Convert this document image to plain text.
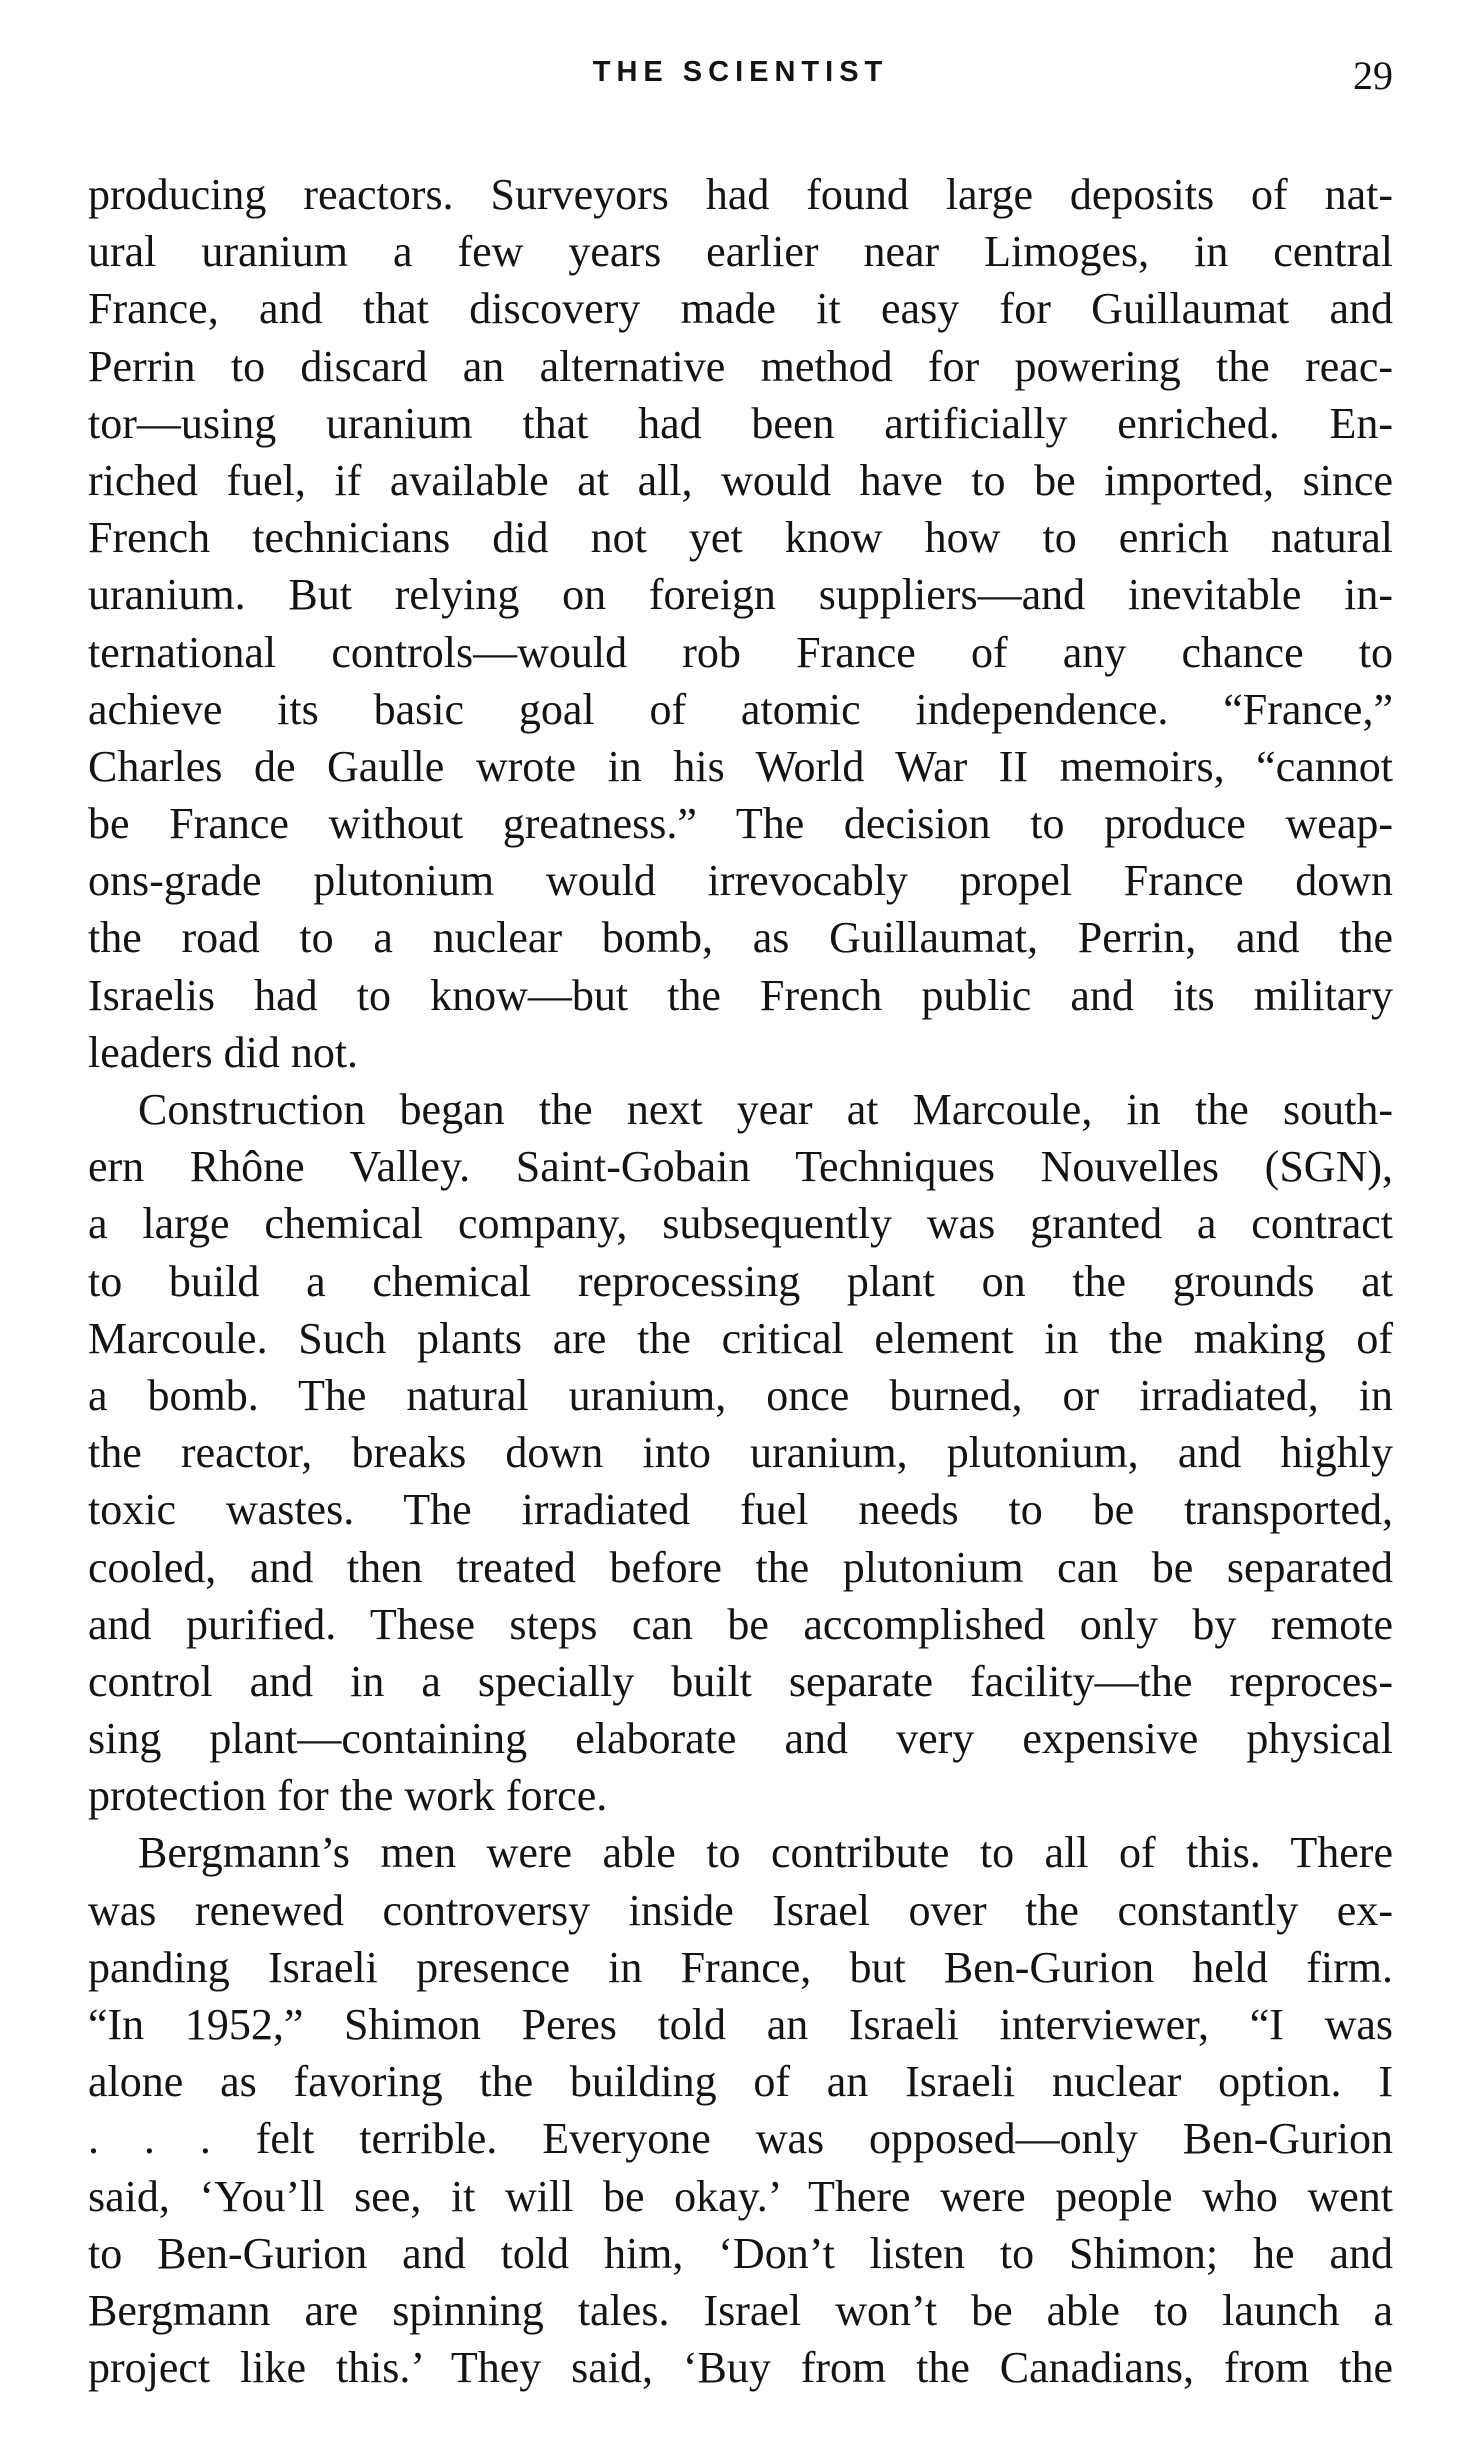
THE SCIENTIST	29
producing reactors. Surveyors had found large deposits of nat-
ural uranium a few years earlier near Limoges, in central
France, and that discovery made it easy for Guillaumat and
Perrin to discard an alternative method for powering the reac-
tor—using uranium that had been artificially enriched. En-
riched fuel, if available at all, would have to be imported, since
French technicians did not yet know how to enrich natural
uranium. But relying on foreign suppliers—and inevitable in-
ternational controls—would rob France of any chance to
achieve its basic goal of atomic independence. “France,”
Charles de Gaulle wrote in his World War II memoirs, “cannot
be France without greatness.” The decision to produce weap-
ons-grade plutonium would irrevocably propel France down
the road to a nuclear bomb, as Guillaumat, Perrin, and the
Israelis had to know—but the French public and its military
leaders did not.
Construction began the next year at Marcoule, in the south-
ern Rhône Valley. Saint-Gobain Techniques Nouvelles (SGN),
a large chemical company, subsequently was granted a contract
to build a chemical reprocessing plant on the grounds at
Marcoule. Such plants are the critical element in the making of
a bomb. The natural uranium, once burned, or irradiated, in
the reactor, breaks down into uranium, plutonium, and highly
toxic wastes. The irradiated fuel needs to be transported,
cooled, and then treated before the plutonium can be separated
and purified. These steps can be accomplished only by remote
control and in a specially built separate facility—the reproces-
sing plant—containing elaborate and very expensive physical
protection for the work force.
Bergmann’s men were able to contribute to all of this. There
was renewed controversy inside Israel over the constantly ex-
panding Israeli presence in France, but Ben-Gurion held firm.
“In 1952,” Shimon Peres told an Israeli interviewer, “I was
alone as favoring the building of an Israeli nuclear option. I
. . . felt terrible. Everyone was opposed—only Ben-Gurion
said, ‘You’ll see, it will be okay.’ There were people who went
to Ben-Gurion and told him, ‘Don’t listen to Shimon; he and
Bergmann are spinning tales. Israel won’t be able to launch a
project like this.’ They said, ‘Buy from the Canadians, from the
